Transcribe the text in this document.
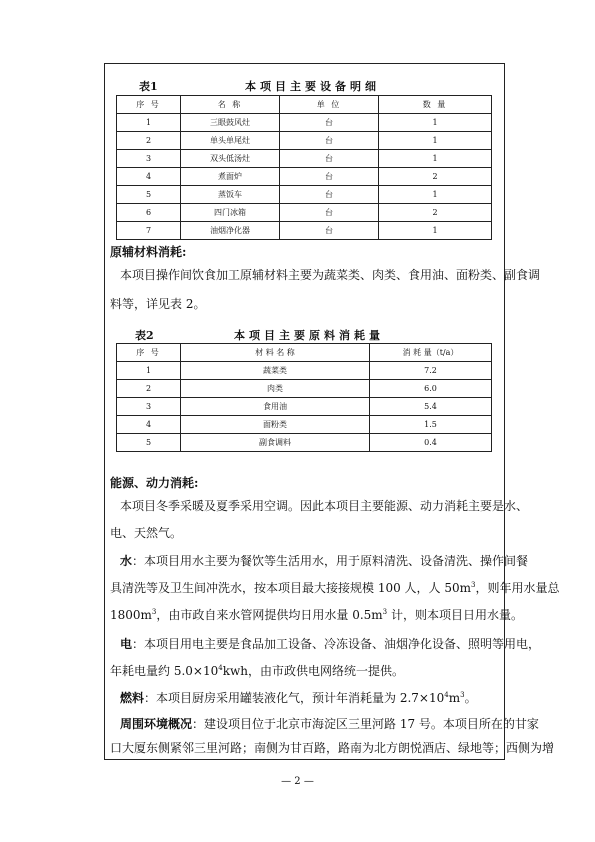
表1	本项目主要设备明细
序 号	名 称	单 位	数 量
1	三眼鼓风灶	台	1
2	单头单尾灶	台	1
3	双头低汤灶	台	1
4	煮面炉	台	2
5	蒸饭车	台	1
6	四门冰箱	台	2
7	油烟净化器	台	1
原辅材料消耗:
本项目操作间饮食加工原辅材料主要为蔬菜类、肉类、食用油、面粉类、副食调
料等，详见表 2。
表2	本项目主要原料消耗量
序 号	材 料 名 称	消 耗 量（t/a）
1	蔬菜类	7.2
2	肉类	6.0
3	食用油	5.4
4	面粉类	1.5
5	副食调料	0.4
能源、动力消耗:
本项目冬季采暖及夏季采用空调。因此本项目主要能源、动力消耗主要是水、
电、天然气。
水：本项目用水主要为餐饮等生活用水，用于原料清洗、设备清洗、操作间餐
具清洗等及卫生间冲洗水，按本项目最大接接规模 100 人，人 $50m^3$，则年用水量总
$1800m^3$，由市政自来水管网提供均日用水量 $0.5m^3$ 计，则本项目日用水量。
电：本项目用电主要是食品加工设备、冷冻设备、油烟净化设备、照明等用电，
年耗电量约 $5.0\times 10^4kwh$，由市政供电网络统一提供。
燃料：本项目厨房采用罐装液化气，预计年消耗量为 $2.7\times 10^4m^3$。
周围环境概况：建设项目位于北京市海淀区三里河路 17 号。本项目所在的甘家
口大厦东侧紧邻三里河路；南侧为甘百路，路南为北方朗悦酒店、绿地等；西侧为增
— 2 —
